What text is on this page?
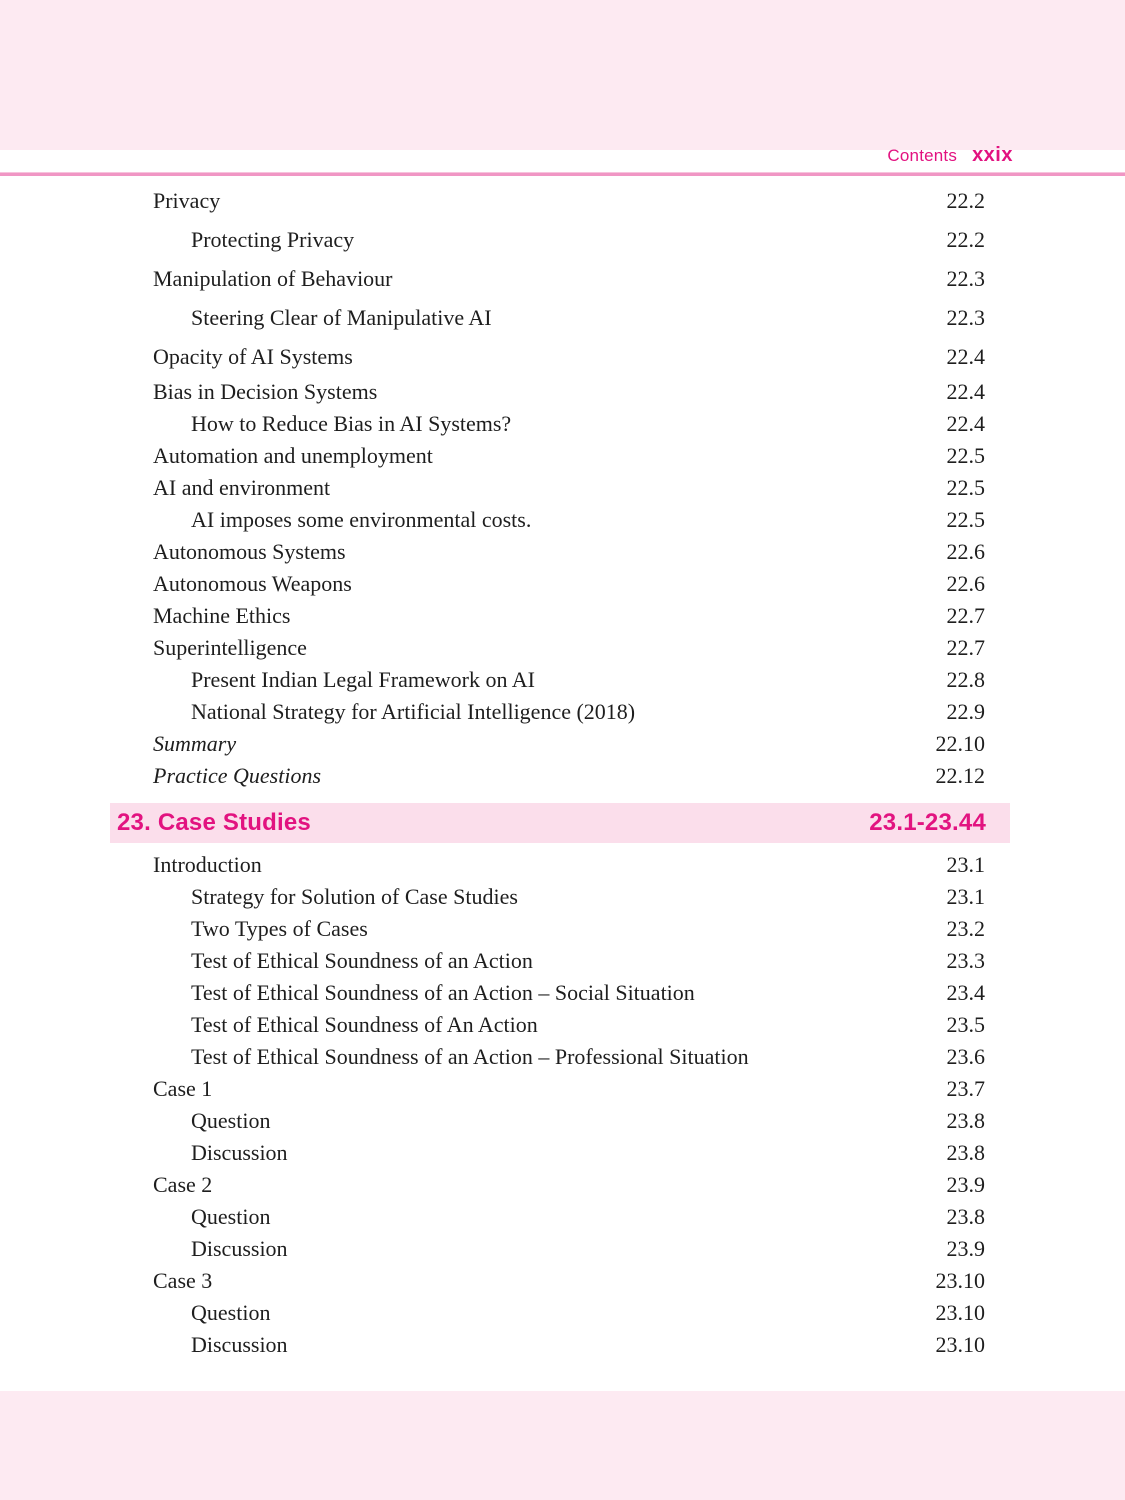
Contents xxix
Privacy	22.2
Protecting Privacy	22.2
Manipulation of Behaviour	22.3
Steering Clear of Manipulative AI	22.3
Opacity of AI Systems	22.4
Bias in Decision Systems	22.4
How to Reduce Bias in AI Systems?	22.4
Automation and unemployment	22.5
AI and environment	22.5
AI imposes some environmental costs.	22.5
Autonomous Systems	22.6
Autonomous Weapons	22.6
Machine Ethics	22.7
Superintelligence	22.7
Present Indian Legal Framework on AI	22.8
National Strategy for Artificial Intelligence (2018)	22.9
Summary	22.10
Practice Questions	22.12
23. Case Studies	23.1-23.44
Introduction	23.1
Strategy for Solution of Case Studies	23.1
Two Types of Cases	23.2
Test of Ethical Soundness of an Action	23.3
Test of Ethical Soundness of an Action – Social Situation	23.4
Test of Ethical Soundness of An Action	23.5
Test of Ethical Soundness of an Action – Professional Situation	23.6
Case 1	23.7
Question	23.8
Discussion	23.8
Case 2	23.9
Question	23.8
Discussion	23.9
Case 3	23.10
Question	23.10
Discussion	23.10
